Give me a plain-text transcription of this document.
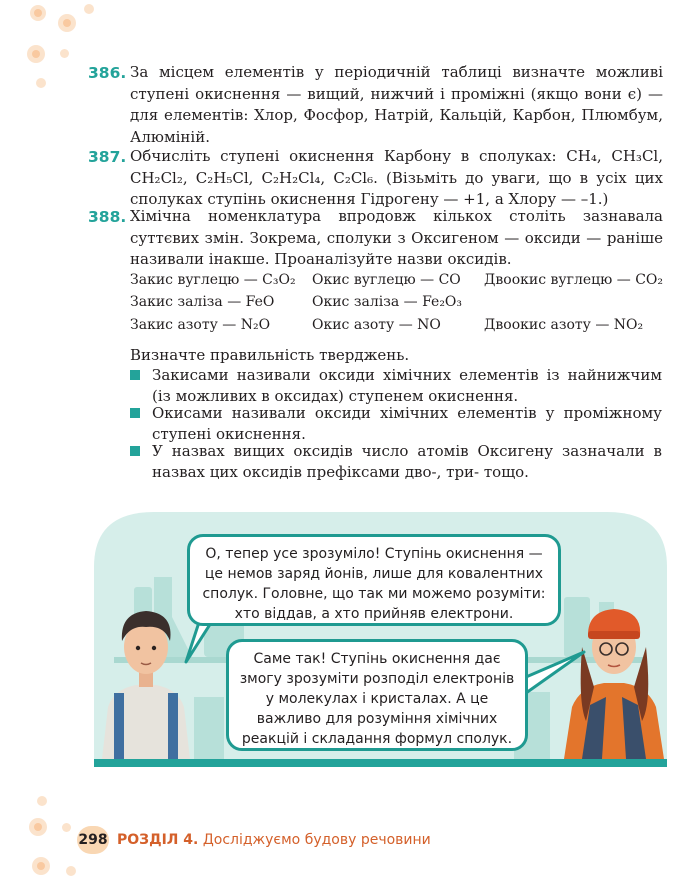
386. За місцем елементів у періодичній таблиці визначте можливі ступені окиснення — вищий, нижчий і проміжні (якщо вони є) — для елементів: Хлор, Фосфор, Натрій, Кальцій, Карбон, Плюмбум, Алюміній.
387. Обчисліть ступені окиснення Карбону в сполуках: CH₄, CH₃Cl, CH₂Cl₂, C₂H₅Cl, C₂H₂Cl₄, C₂Cl₆. (Візьміть до уваги, що в усіх цих сполуках ступінь окиснення Гідрогену — +1, а Хлору — –1.)
388. Хімічна номенклатура впродовж кількох століть зазнавала суттєвих змін. Зокрема, сполуки з Оксигеном — оксиди — раніше називали інакше. Проаналізуйте назви оксидів.
Закис вуглецю — C₃O₂ Окис вуглецю — CO Двоокис вуглецю — CO₂
Закис заліза — FeO	Окис заліза — Fe₂O₃
Закис азоту — N₂O	Окис азоту — NO	Двоокис азоту — NO₂
Визначте правильність тверджень.
Закисами називали оксиди хімічних елементів із найнижчим (із можливих в оксидах) ступенем окиснення.
Окисами називали оксиди хімічних елементів у проміжному ступені окиснення.
У назвах вищих оксидів число атомів Оксигену зазначали в назвах цих оксидів префіксами дво-, три- тощо.

О, тепер усе зрозуміло! Ступінь окиснення — це немов заряд йонів, лише для ковалентних сполук. Головне, що так ми можемо розуміти: хто віддав, а хто прийняв електрони.

Саме так! Ступінь окиснення дає змогу зрозуміти розподіл електронів у молекулах і кристалах. А це важливо для розуміння хімічних реакцій і складання формул сполук.

298 РОЗДІЛ 4. Досліджуємо будову речовини
